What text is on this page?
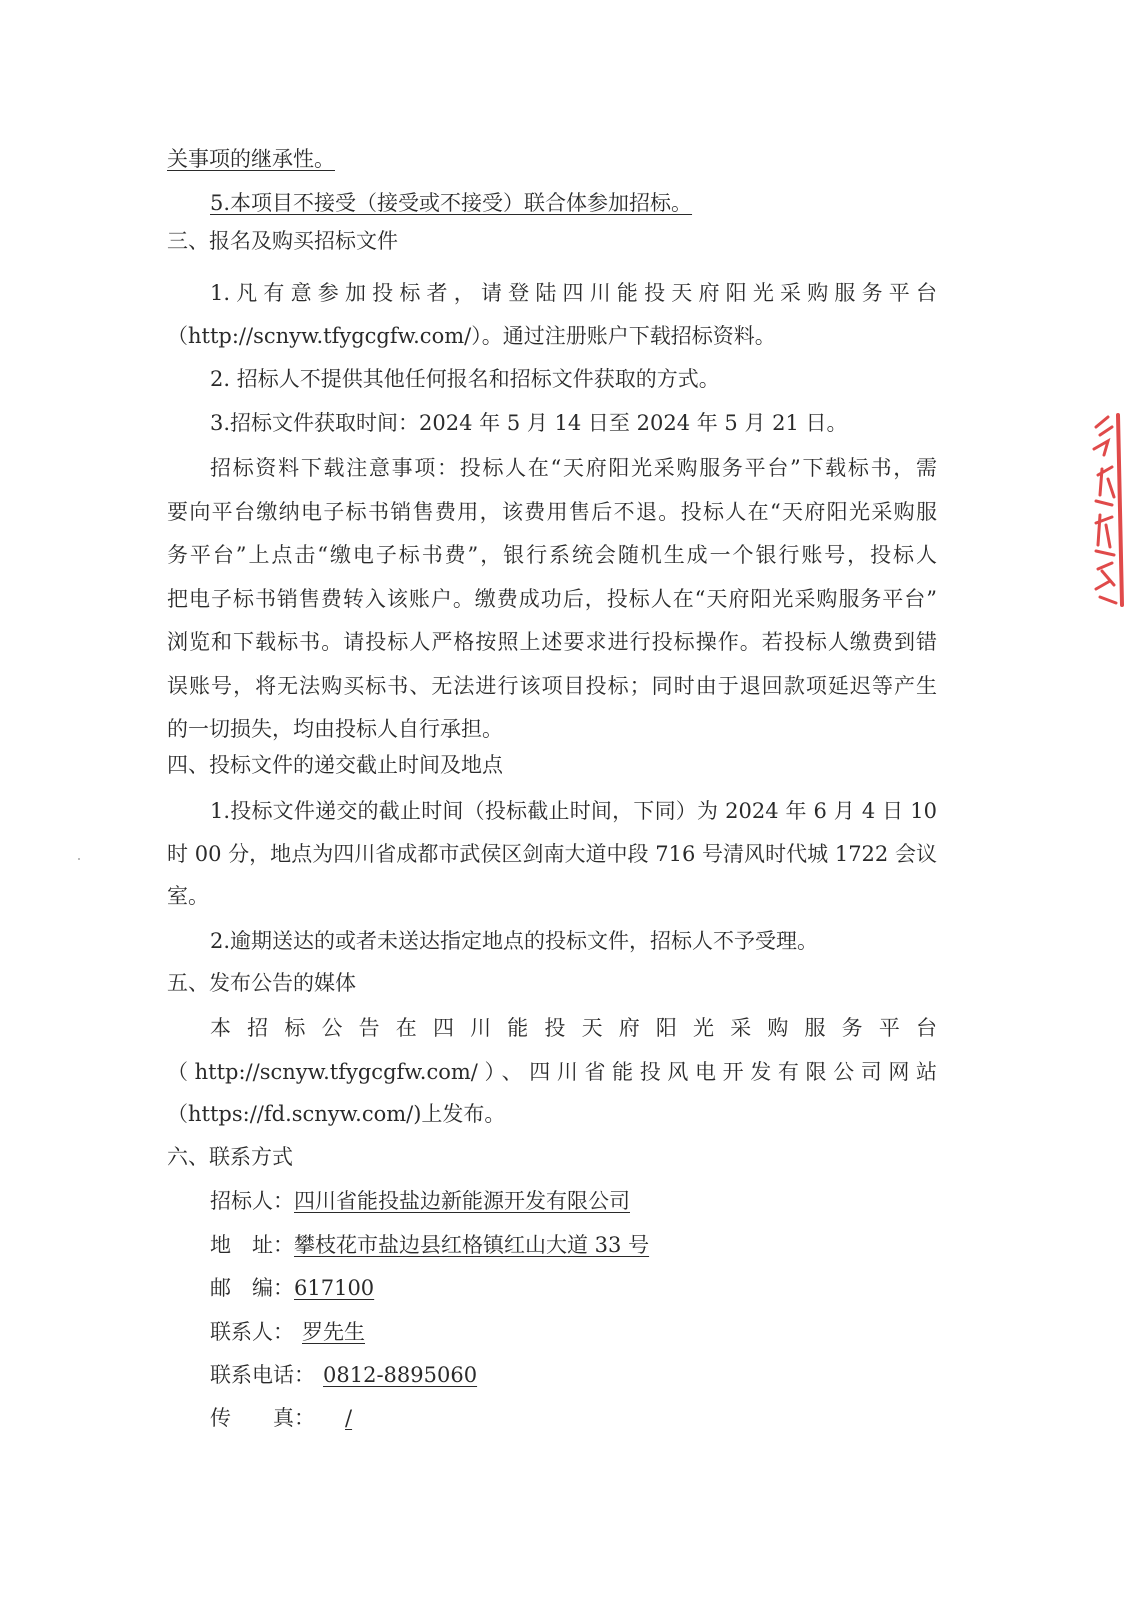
关事项的继承性。
5.本项目不接受（接受或不接受）联合体参加招标。
三、报名及购买招标文件
1.凡有意参加投标者，请登陆四川能投天府阳光采购服务平台
（http://scnyw.tfygcgfw.com/）。通过注册账户下载招标资料。
2. 招标人不提供其他任何报名和招标文件获取的方式。
3.招标文件获取时间：2024 年 5 月 14 日至 2024 年 5 月 21 日。
招标资料下载注意事项：投标人在“天府阳光采购服务平台”下载标书，需
要向平台缴纳电子标书销售费用，该费用售后不退。投标人在“天府阳光采购服
务平台”上点击“缴电子标书费”，银行系统会随机生成一个银行账号，投标人
把电子标书销售费转入该账户。缴费成功后，投标人在“天府阳光采购服务平台”
浏览和下载标书。请投标人严格按照上述要求进行投标操作。若投标人缴费到错
误账号，将无法购买标书、无法进行该项目投标；同时由于退回款项延迟等产生
的一切损失，均由投标人自行承担。
四、投标文件的递交截止时间及地点
1.投标文件递交的截止时间（投标截止时间，下同）为 2024 年 6 月 4 日 10
时 00 分，地点为四川省成都市武侯区剑南大道中段 716 号清风时代城 1722 会议
室。
2.逾期送达的或者未送达指定地点的投标文件，招标人不予受理。
五、发布公告的媒体
本招标公告在四川能投天府阳光采购服务平台
（http://scnyw.tfygcgfw.com/）、四川省能投风电开发有限公司网站
（https://fd.scnyw.com/)上发布。
六、联系方式
招标人：四川省能投盐边新能源开发有限公司
地　址：攀枝花市盐边县红格镇红山大道 33 号
邮　编：617100
联系人： 罗先生
联系电话： 0812-8895060
传　　真： /
